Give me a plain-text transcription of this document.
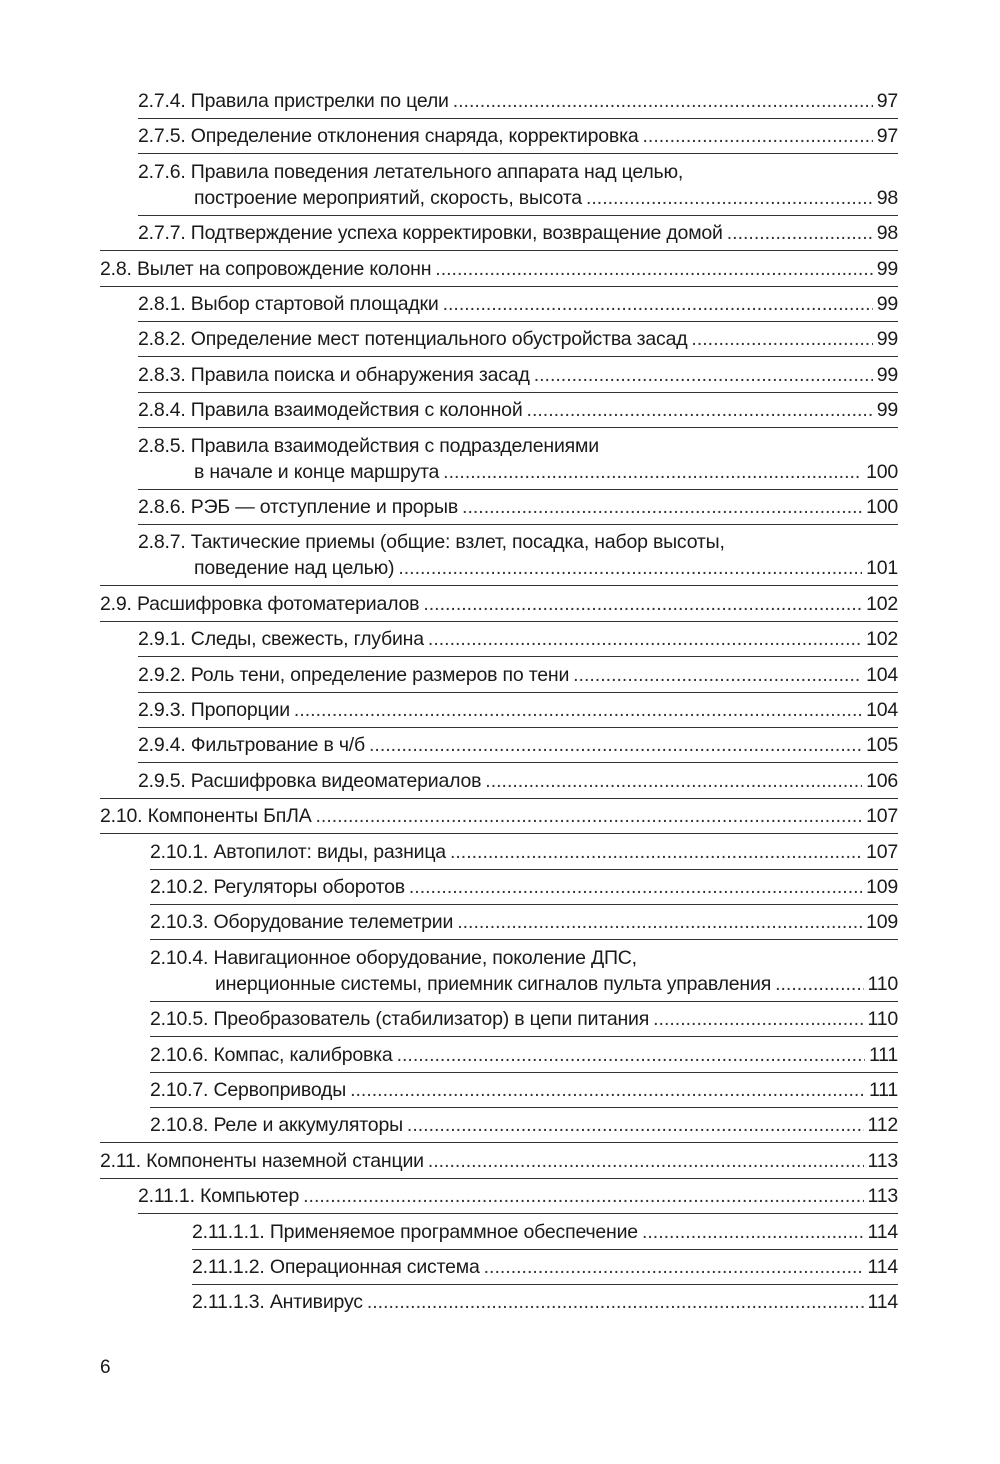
2.7.4. Правила пристрелки по цели .....	97
2.7.5. Определение отклонения снаряда, корректировка .....	97
2.7.6. Правила поведения летательного аппарата над целью,
построение мероприятий, скорость, высота .....	98
2.7.7. Подтверждение успеха корректировки, возвращение домой .....	98
2.8. Вылет на сопровождение колонн .....	99
2.8.1. Выбор стартовой площадки .....	99
2.8.2. Определение мест потенциального обустройства засад .....	99
2.8.3. Правила поиска и обнаружения засад .....	99
2.8.4. Правила взаимодействия с колонной .....	99
2.8.5. Правила взаимодействия с подразделениями
в начале и конце маршрута .....	100
2.8.6. РЭБ — отступление и прорыв .....	100
2.8.7. Тактические приемы (общие: взлет, посадка, набор высоты,
поведение над целью) .....	101
2.9. Расшифровка фотоматериалов .....	102
2.9.1. Следы, свежесть, глубина .....	102
2.9.2. Роль тени, определение размеров по тени .....	104
2.9.3. Пропорции .....	104
2.9.4. Фильтрование в ч/б .....	105
2.9.5. Расшифровка видеоматериалов .....	106
2.10. Компоненты БпЛА .....	107
2.10.1. Автопилот: виды, разница .....	107
2.10.2. Регуляторы оборотов .....	109
2.10.3. Оборудование телеметрии .....	109
2.10.4. Навигационное оборудование, поколение ДПС,
инерционные системы, приемник сигналов пульта управления .....	110
2.10.5. Преобразователь (стабилизатор) в цепи питания .....	110
2.10.6. Компас, калибровка .....	111
2.10.7. Сервоприводы .....	111
2.10.8. Реле и аккумуляторы .....	112
2.11. Компоненты наземной станции .....	113
2.11.1. Компьютер .....	113
2.11.1.1. Применяемое программное обеспечение .....	114
2.11.1.2. Операционная система .....	114
2.11.1.3. Антивирус .....	114
6
